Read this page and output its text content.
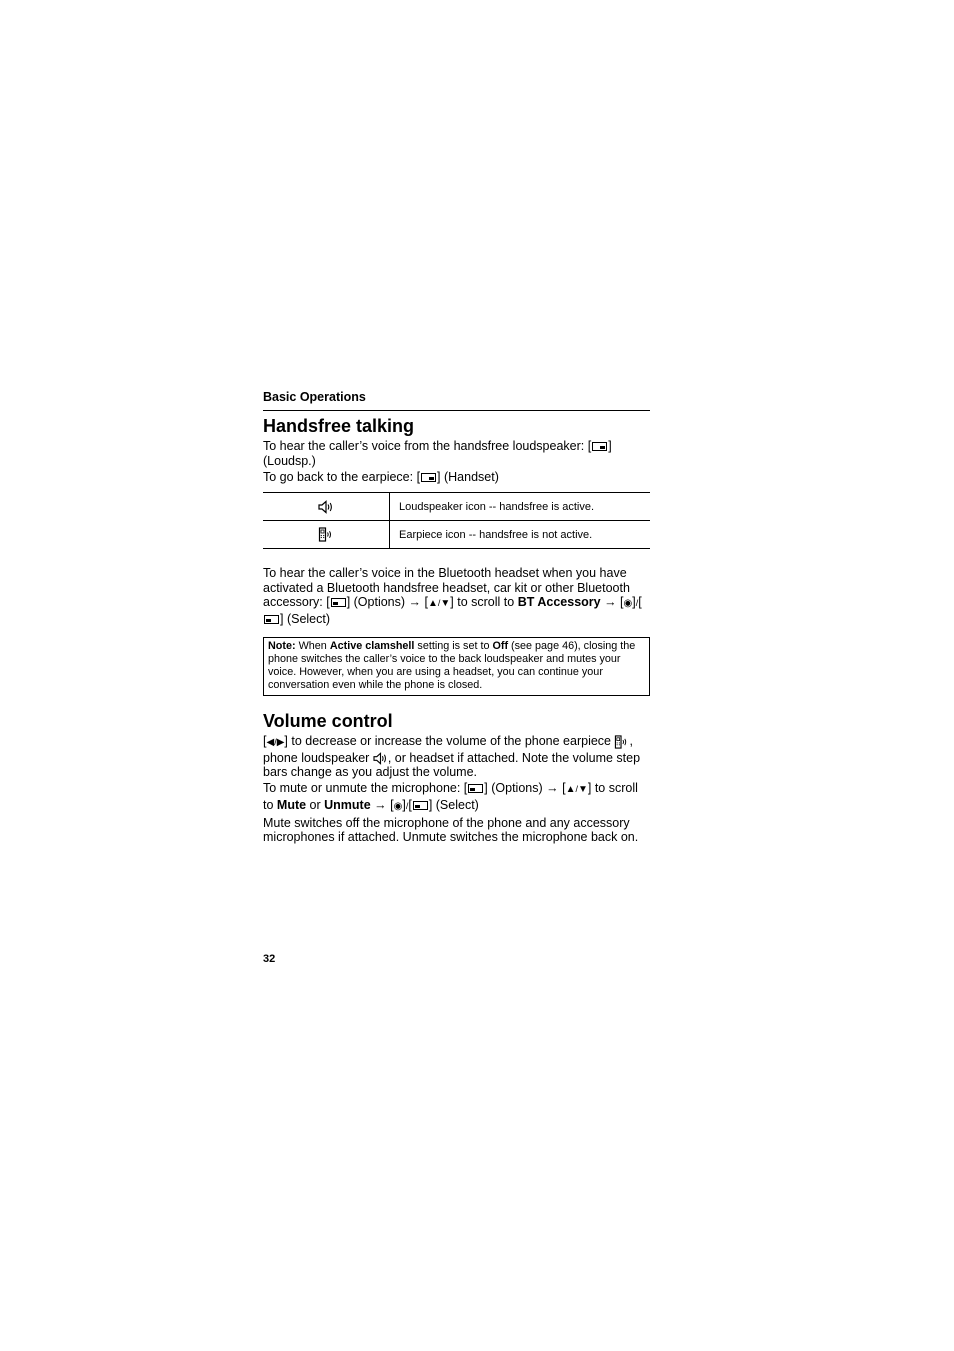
Basic Operations
Handsfree talking

To hear the caller’s voice from the handsfree loudspeaker: [ ] (Loudsp.)

To go back to the earpiece: [ ] (Handset)

	Loudspeaker icon -- handsfree is active.
	Earpiece icon -- handsfree is not active.

To hear the caller’s voice in the Bluetooth headset when you have activated a Bluetooth handsfree headset, car kit or other Bluetooth accessory: [ ] (Options) → [▲/▼] to scroll to BT Accessory → [◉]/[] (Select)

Note: When Active clamshell setting is set to Off (see page 46), closing the phone switches the caller’s voice to the back loudspeaker and mutes your voice. However, when you are using a headset, you can continue your conversation even while the phone is closed.
Volume control

[◀/▶] to decrease or increase the volume of the phone earpiece , phone loudspeaker , or headset if attached. Note the volume step bars change as you adjust the volume.

To mute or unmute the microphone: [ ] (Options) → [▲/▼] to scroll to Mute or Unmute → [◉]/[ ] (Select)

Mute switches off the microphone of the phone and any accessory microphones if attached. Unmute switches the microphone back on.

32
